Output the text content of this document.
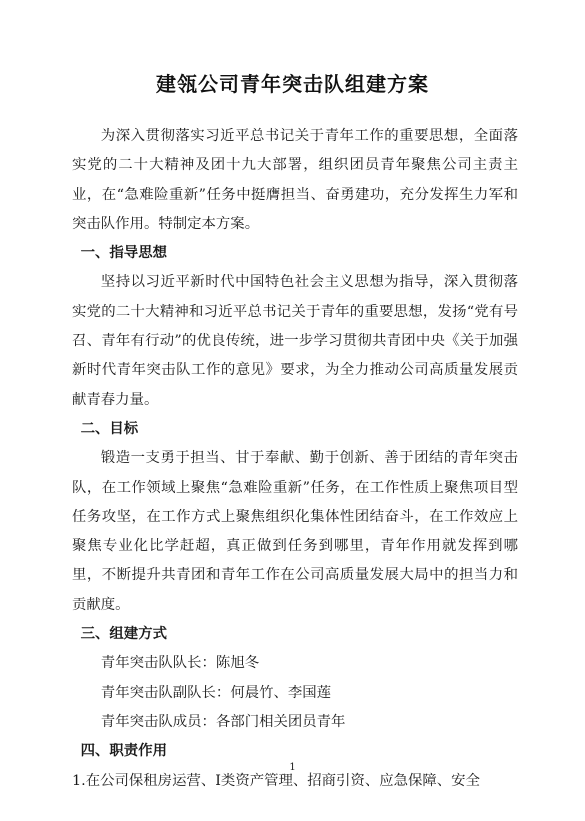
建瓴公司青年突击队组建方案

为深入贯彻落实习近平总书记关于青年工作的重要思想，全面落实党的二十大精神及团十九大部署，组织团员青年聚焦公司主责主业，在“急难险重新”任务中挺膺担当、奋勇建功，充分发挥生力军和突击队作用。特制定本方案。

一、指导思想

坚持以习近平新时代中国特色社会主义思想为指导，深入贯彻落实党的二十大精神和习近平总书记关于青年的重要思想，发扬“党有号召、青年有行动”的优良传统，进一步学习贯彻共青团中央《关于加强新时代青年突击队工作的意见》要求，为全力推动公司高质量发展贡献青春力量。

二、目标

锻造一支勇于担当、甘于奉献、勤于创新、善于团结的青年突击队，在工作领域上聚焦“急难险重新”任务，在工作性质上聚焦项目型任务攻坚，在工作方式上聚焦组织化集体性团结奋斗，在工作效应上聚焦专业化比学赶超，真正做到任务到哪里，青年作用就发挥到哪里，不断提升共青团和青年工作在公司高质量发展大局中的担当力和贡献度。

三、组建方式

青年突击队队长：陈旭冬

青年突击队副队长：何晨竹、李国莲

青年突击队成员：各部门相关团员青年

四、职责作用

1.在公司保租房运营、Ⅰ类资产管理、招商引资、应急保障、安全

1
